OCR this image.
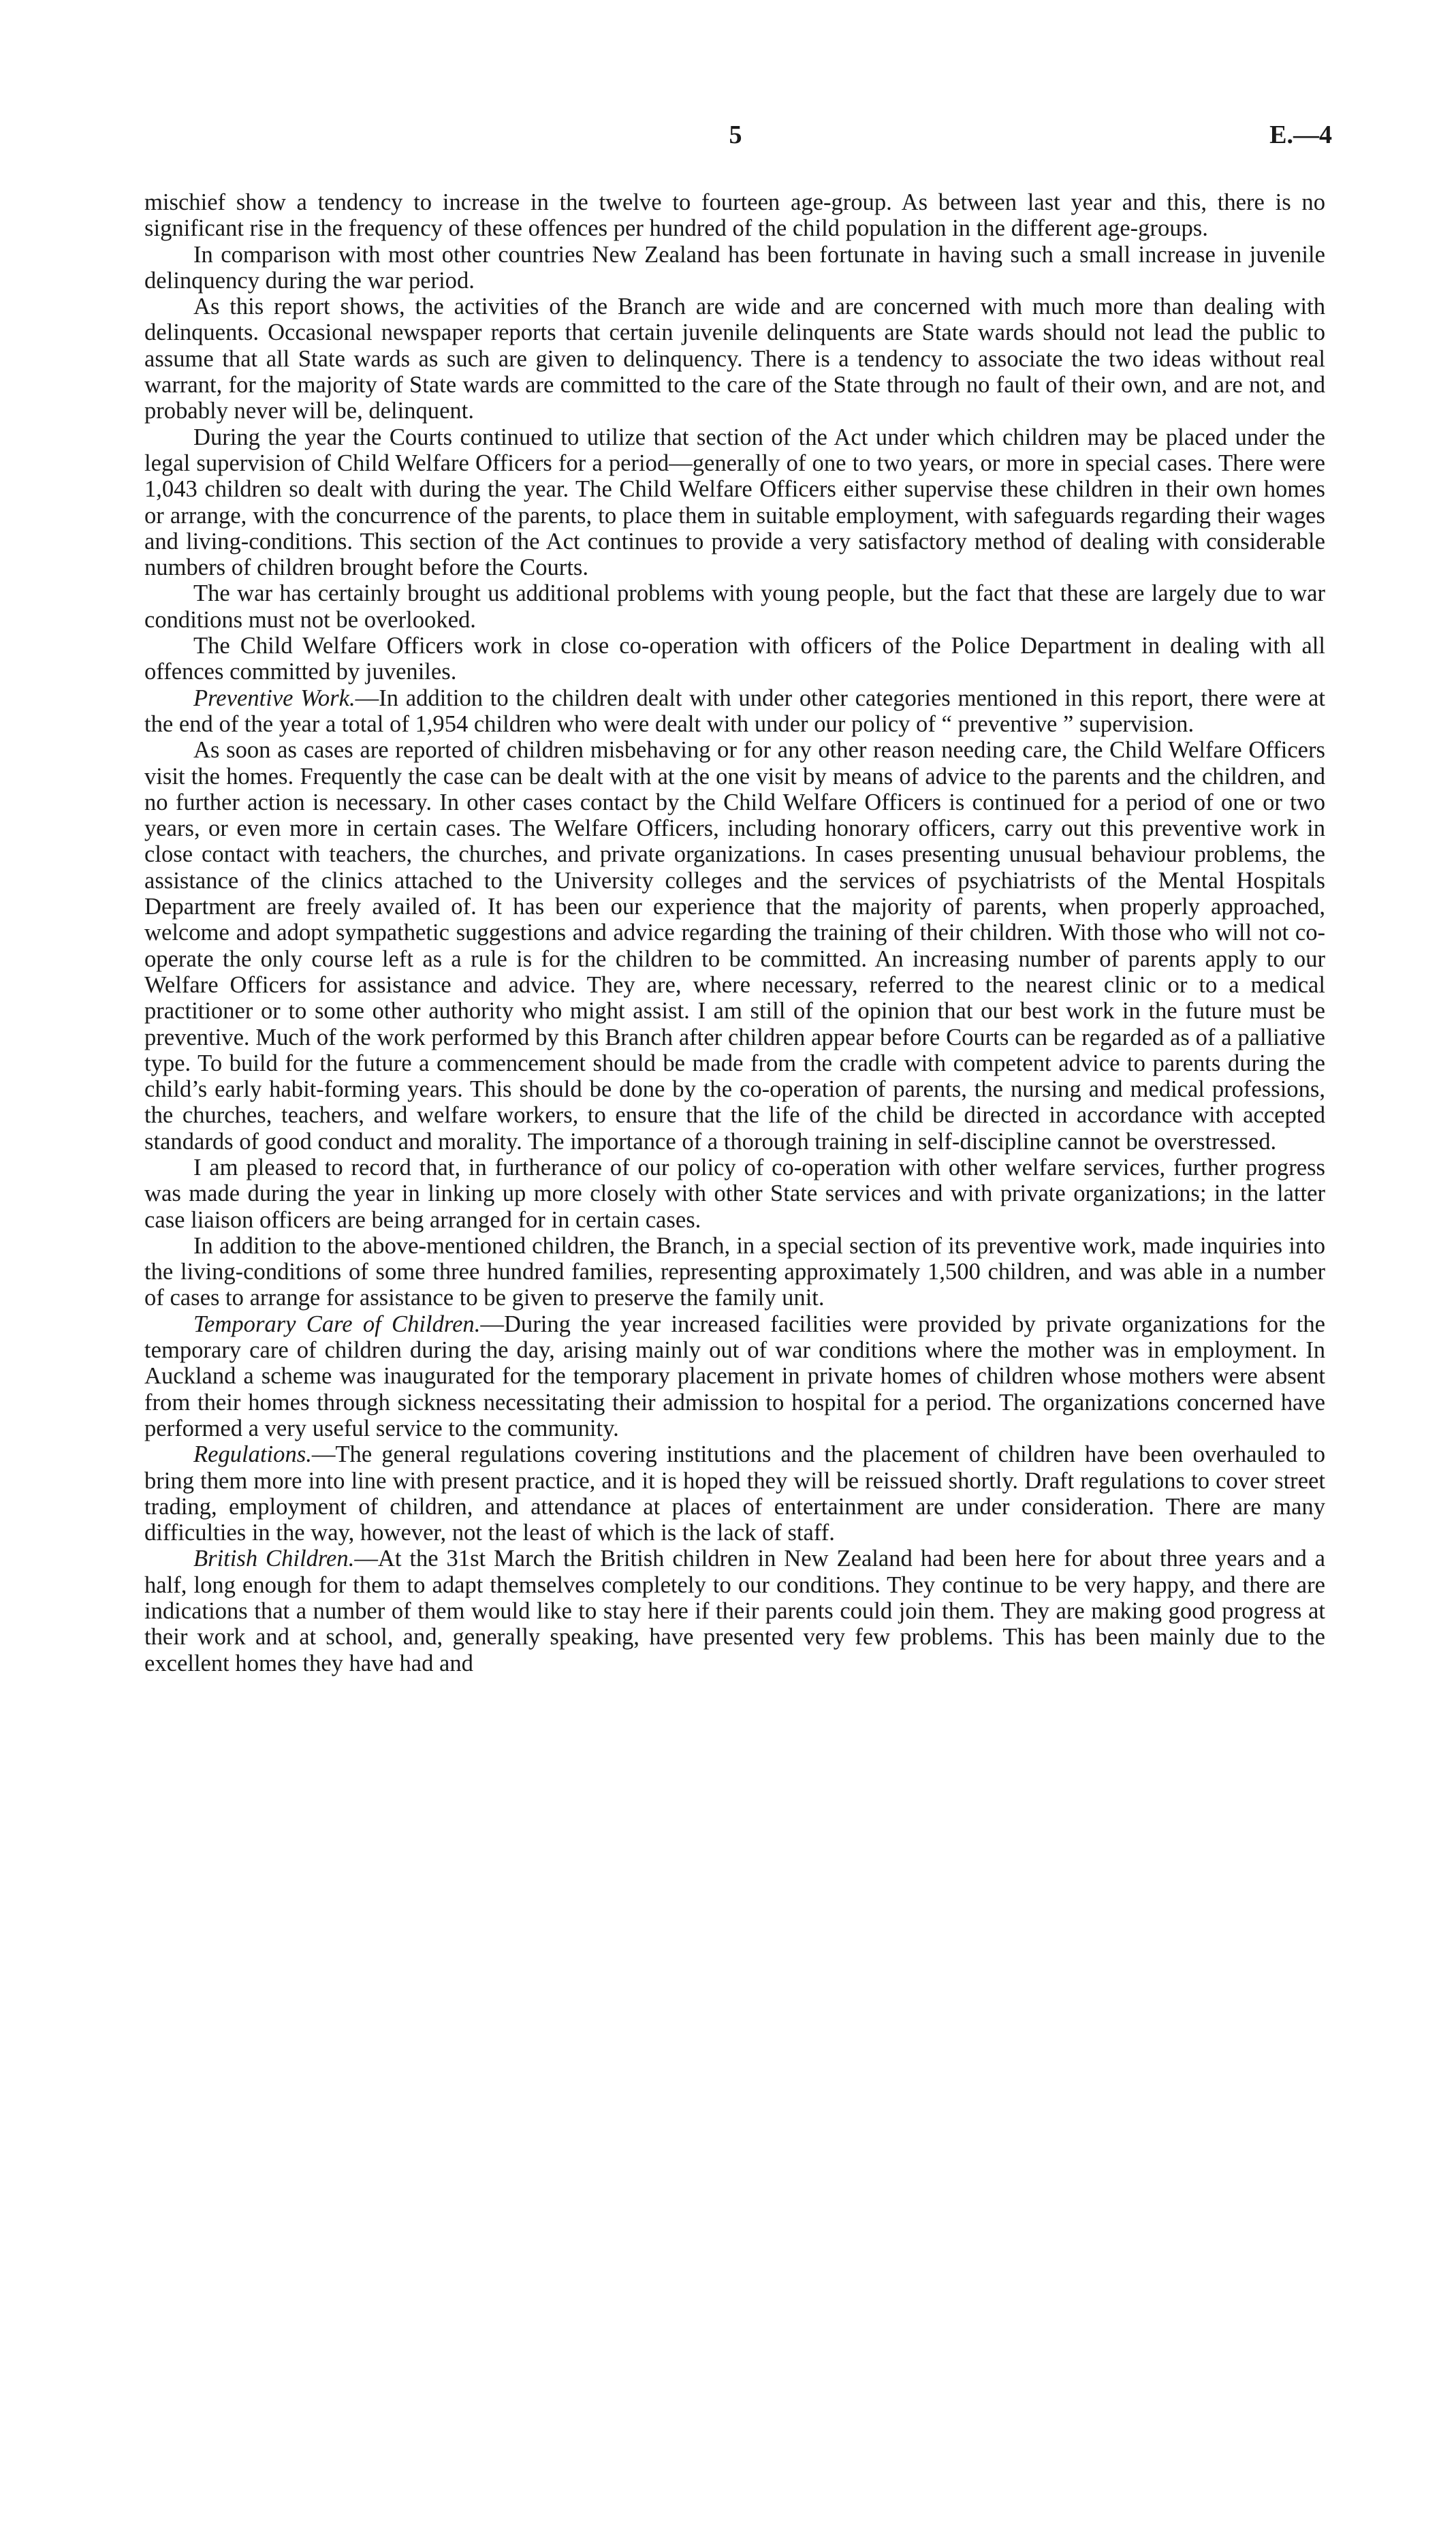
5	E.—4

mischief show a tendency to increase in the twelve to fourteen age-group. As between last year and this, there is no significant rise in the frequency of these offences per hundred of the child population in the different age-groups.

In comparison with most other countries New Zealand has been fortunate in having such a small increase in juvenile delinquency during the war period.

As this report shows, the activities of the Branch are wide and are concerned with much more than dealing with delinquents. Occasional newspaper reports that certain juvenile delinquents are State wards should not lead the public to assume that all State wards as such are given to delinquency. There is a tendency to associate the two ideas without real warrant, for the majority of State wards are committed to the care of the State through no fault of their own, and are not, and probably never will be, delinquent.

During the year the Courts continued to utilize that section of the Act under which children may be placed under the legal supervision of Child Welfare Officers for a period—generally of one to two years, or more in special cases. There were 1,043 children so dealt with during the year. The Child Welfare Officers either supervise these children in their own homes or arrange, with the concurrence of the parents, to place them in suitable employment, with safeguards regarding their wages and living-conditions. This section of the Act continues to provide a very satisfactory method of dealing with considerable numbers of children brought before the Courts.

The war has certainly brought us additional problems with young people, but the fact that these are largely due to war conditions must not be overlooked.

The Child Welfare Officers work in close co-operation with officers of the Police Department in dealing with all offences committed by juveniles.

Preventive Work.—In addition to the children dealt with under other categories mentioned in this report, there were at the end of the year a total of 1,954 children who were dealt with under our policy of “ preventive ” supervision.

As soon as cases are reported of children misbehaving or for any other reason needing care, the Child Welfare Officers visit the homes. Frequently the case can be dealt with at the one visit by means of advice to the parents and the children, and no further action is necessary. In other cases contact by the Child Welfare Officers is continued for a period of one or two years, or even more in certain cases. The Welfare Officers, including honorary officers, carry out this preventive work in close contact with teachers, the churches, and private organizations. In cases presenting unusual behaviour problems, the assistance of the clinics attached to the University colleges and the services of psychiatrists of the Mental Hospitals Department are freely availed of. It has been our experience that the majority of parents, when properly approached, welcome and adopt sympathetic suggestions and advice regarding the training of their children. With those who will not co-operate the only course left as a rule is for the children to be committed. An increasing number of parents apply to our Welfare Officers for assistance and advice. They are, where necessary, referred to the nearest clinic or to a medical practitioner or to some other authority who might assist. I am still of the opinion that our best work in the future must be preventive. Much of the work performed by this Branch after children appear before Courts can be regarded as of a palliative type. To build for the future a commencement should be made from the cradle with competent advice to parents during the child’s early habit-forming years. This should be done by the co-operation of parents, the nursing and medical professions, the churches, teachers, and welfare workers, to ensure that the life of the child be directed in accordance with accepted standards of good conduct and morality. The importance of a thorough training in self-discipline cannot be overstressed.

I am pleased to record that, in furtherance of our policy of co-operation with other welfare services, further progress was made during the year in linking up more closely with other State services and with private organizations; in the latter case liaison officers are being arranged for in certain cases.

In addition to the above-mentioned children, the Branch, in a special section of its preventive work, made inquiries into the living-conditions of some three hundred families, representing approximately 1,500 children, and was able in a number of cases to arrange for assistance to be given to preserve the family unit.

Temporary Care of Children.—During the year increased facilities were provided by private organizations for the temporary care of children during the day, arising mainly out of war conditions where the mother was in employment. In Auckland a scheme was inaugurated for the temporary placement in private homes of children whose mothers were absent from their homes through sickness necessitating their admission to hospital for a period. The organizations concerned have performed a very useful service to the community.

Regulations.—The general regulations covering institutions and the placement of children have been overhauled to bring them more into line with present practice, and it is hoped they will be reissued shortly. Draft regulations to cover street trading, employment of children, and attendance at places of entertainment are under consideration. There are many difficulties in the way, however, not the least of which is the lack of staff.

British Children.—At the 31st March the British children in New Zealand had been here for about three years and a half, long enough for them to adapt themselves completely to our conditions. They continue to be very happy, and there are indications that a number of them would like to stay here if their parents could join them. They are making good progress at their work and at school, and, generally speaking, have presented very few problems. This has been mainly due to the excellent homes they have had and
